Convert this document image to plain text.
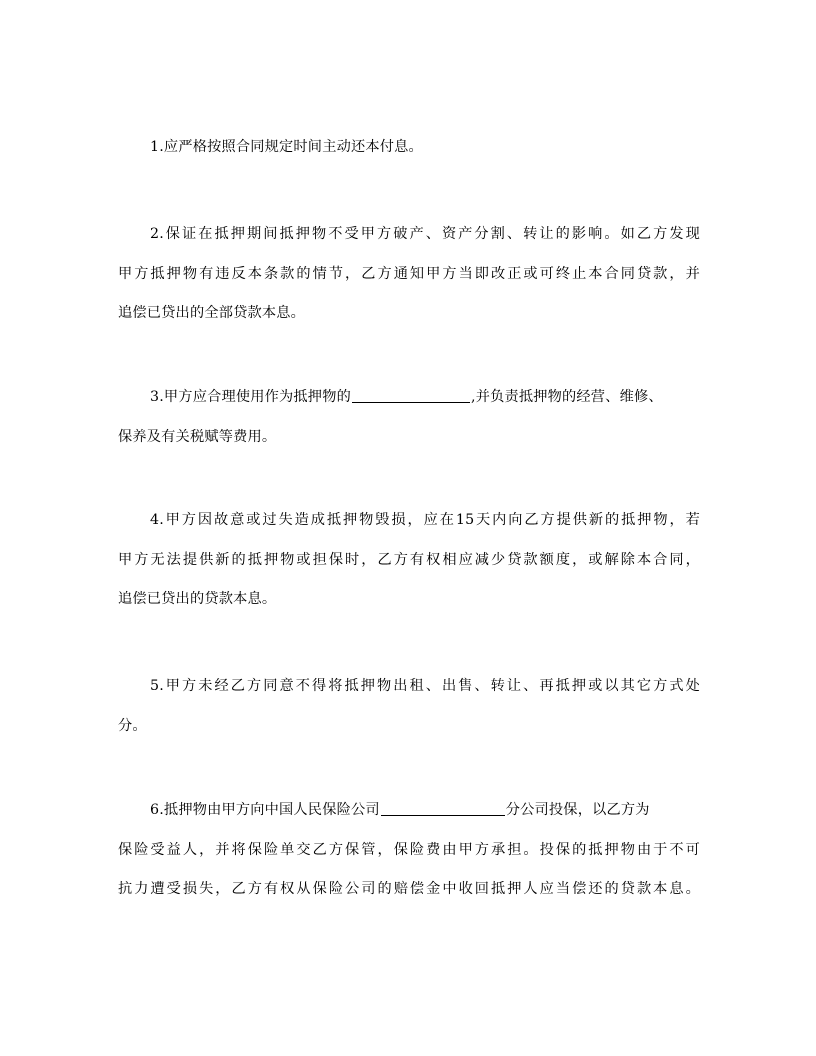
1.应严格按照合同规定时间主动还本付息。
2.保证在抵押期间抵押物不受甲方破产、资产分割、转让的影响。如乙方发现
甲方抵押物有违反本条款的情节，乙方通知甲方当即改正或可终止本合同贷款，并
追偿已贷出的全部贷款本息。
3.甲方应合理使用作为抵押物的	,并负责抵押物的经营、维修、
保养及有关税赋等费用。
4.甲方因故意或过失造成抵押物毁损，应在15天内向乙方提供新的抵押物，若
甲方无法提供新的抵押物或担保时，乙方有权相应减少贷款额度，或解除本合同，
追偿已贷出的贷款本息。
5.甲方未经乙方同意不得将抵押物出租、出售、转让、再抵押或以其它方式处
分。
6.抵押物由甲方向中国人民保险公司	分公司投保，以乙方为
保险受益人，并将保险单交乙方保管，保险费由甲方承担。投保的抵押物由于不可
抗力遭受损失，乙方有权从保险公司的赔偿金中收回抵押人应当偿还的贷款本息。
